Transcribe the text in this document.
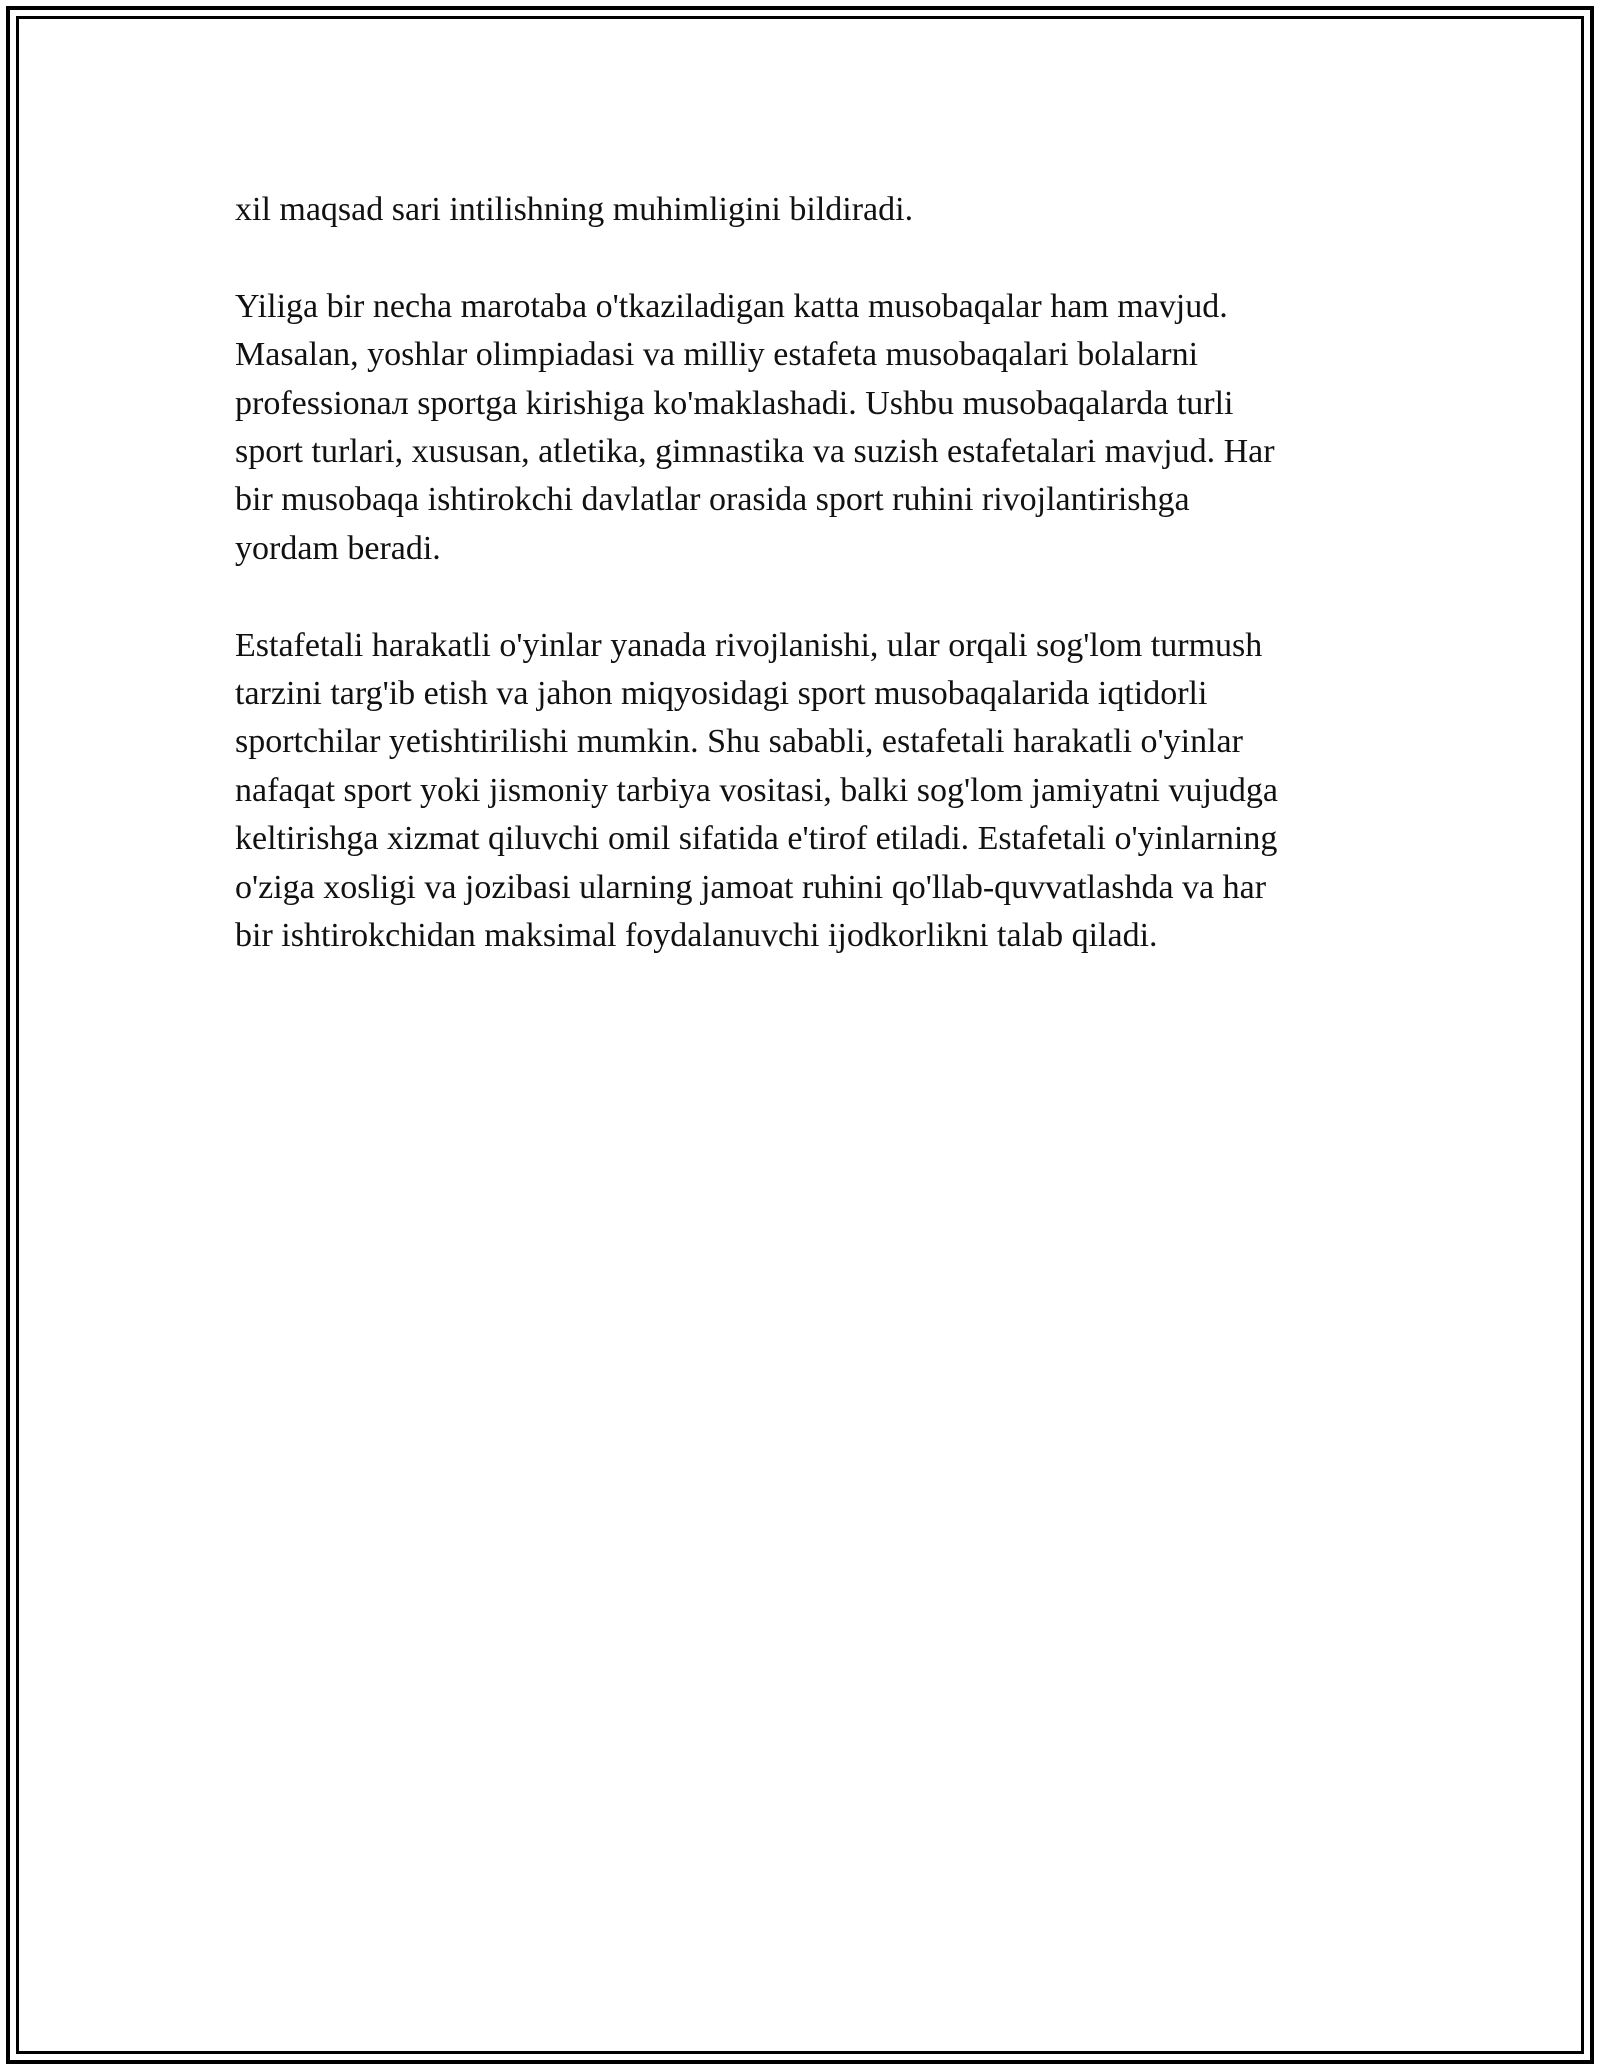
xil maqsad sari intilishning muhimligini bildiradi.

Yiliga bir necha marotaba o'tkaziladigan katta musobaqalar ham mavjud.
Masalan, yoshlar olimpiadasi va milliy estafeta musobaqalari bolalarni
professionaл sportga kirishiga ko'maklashadi. Ushbu musobaqalarda turli
sport turlari, xususan, atletika, gimnastika va suzish estafetalari mavjud. Har
bir musobaqa ishtirokchi davlatlar orasida sport ruhini rivojlantirishga
yordam beradi.

Estafetali harakatli o'yinlar yanada rivojlanishi, ular orqali sog'lom turmush
tarzini targ'ib etish va jahon miqyosidagi sport musobaqalarida iqtidorli
sportchilar yetishtirilishi mumkin. Shu sababli, estafetali harakatli o'yinlar
nafaqat sport yoki jismoniy tarbiya vositasi, balki sog'lom jamiyatni vujudga
keltirishga xizmat qiluvchi omil sifatida e'tirof etiladi. Estafetali o'yinlarning
o'ziga xosligi va jozibasi ularning jamoat ruhini qo'llab-quvvatlashda va har
bir ishtirokchidan maksimal foydalanuvchi ijodkorlikni talab qiladi.
